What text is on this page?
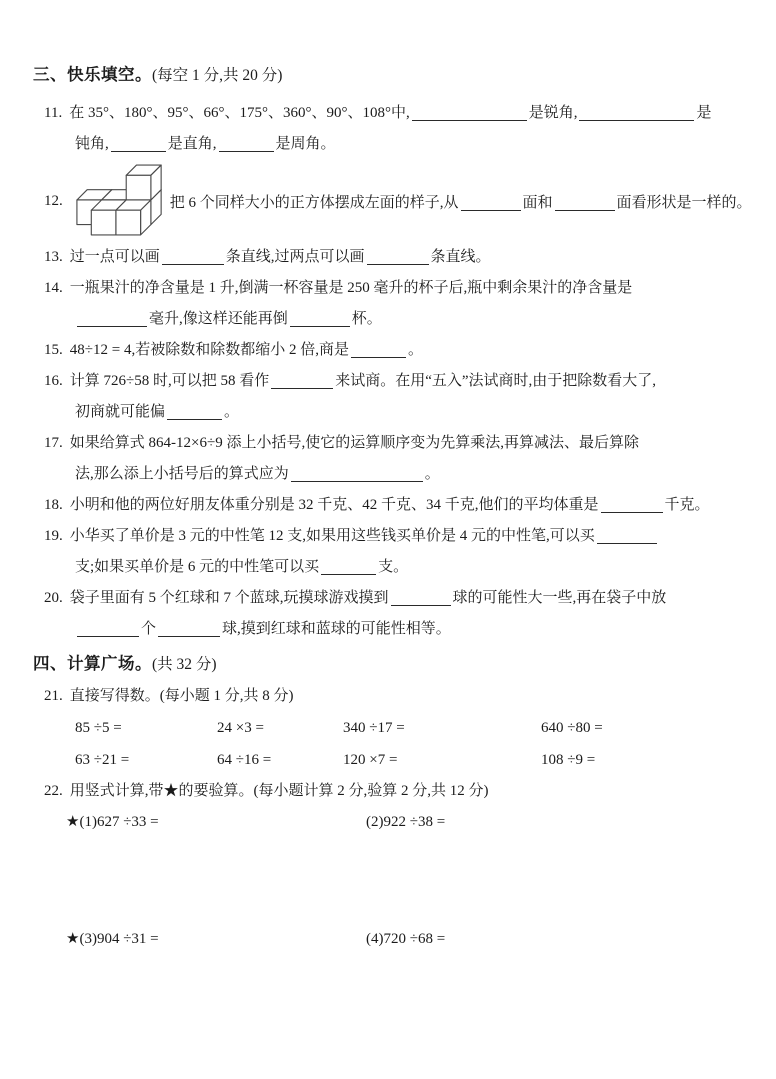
三、快乐填空。(每空 1 分,共 20 分)
11. 在 35°、180°、95°、66°、175°、360°、90°、108°中,	是锐角,	是
钝角,	是直角,	是周角。
12.	把 6 个同样大小的正方体摆成左面的样子,从	面和	面看形状是一样的。
13. 过一点可以画	条直线,过两点可以画	条直线。
14. 一瓶果汁的净含量是 1 升,倒满一杯容量是 250 毫升的杯子后,瓶中剩余果汁的净含量是
毫升,像这样还能再倒	杯。
15. 48÷12 = 4,若被除数和除数都缩小 2 倍,商是	。
16. 计算 726÷58 时,可以把 58 看作	来试商。在用“五入”法试商时,由于把除数看大了,
初商就可能偏	。
17. 如果给算式 864-12×6÷9 添上小括号,使它的运算顺序变为先算乘法,再算减法、最后算除
法,那么添上小括号后的算式应为	。
18. 小明和他的两位好朋友体重分别是 32 千克、42 千克、34 千克,他们的平均体重是	千克。
19. 小华买了单价是 3 元的中性笔 12 支,如果用这些钱买单价是 4 元的中性笔,可以买
支;如果买单价是 6 元的中性笔可以买	支。
20. 袋子里面有 5 个红球和 7 个蓝球,玩摸球游戏摸到	球的可能性大一些,再在袋子中放
个	球,摸到红球和蓝球的可能性相等。
四、计算广场。(共 32 分)
21. 直接写得数。(每小题 1 分,共 8 分)
85 ÷5 =	24 ×3 =	340 ÷17 =	640 ÷80 =
63 ÷21 =	64 ÷16 =	120 ×7 =	108 ÷9 =
22. 用竖式计算,带★的要验算。(每小题计算 2 分,验算 2 分,共 12 分)
★(1)627 ÷33 =	(2)922 ÷38 =
★(3)904 ÷31 =	(4)720 ÷68 =
